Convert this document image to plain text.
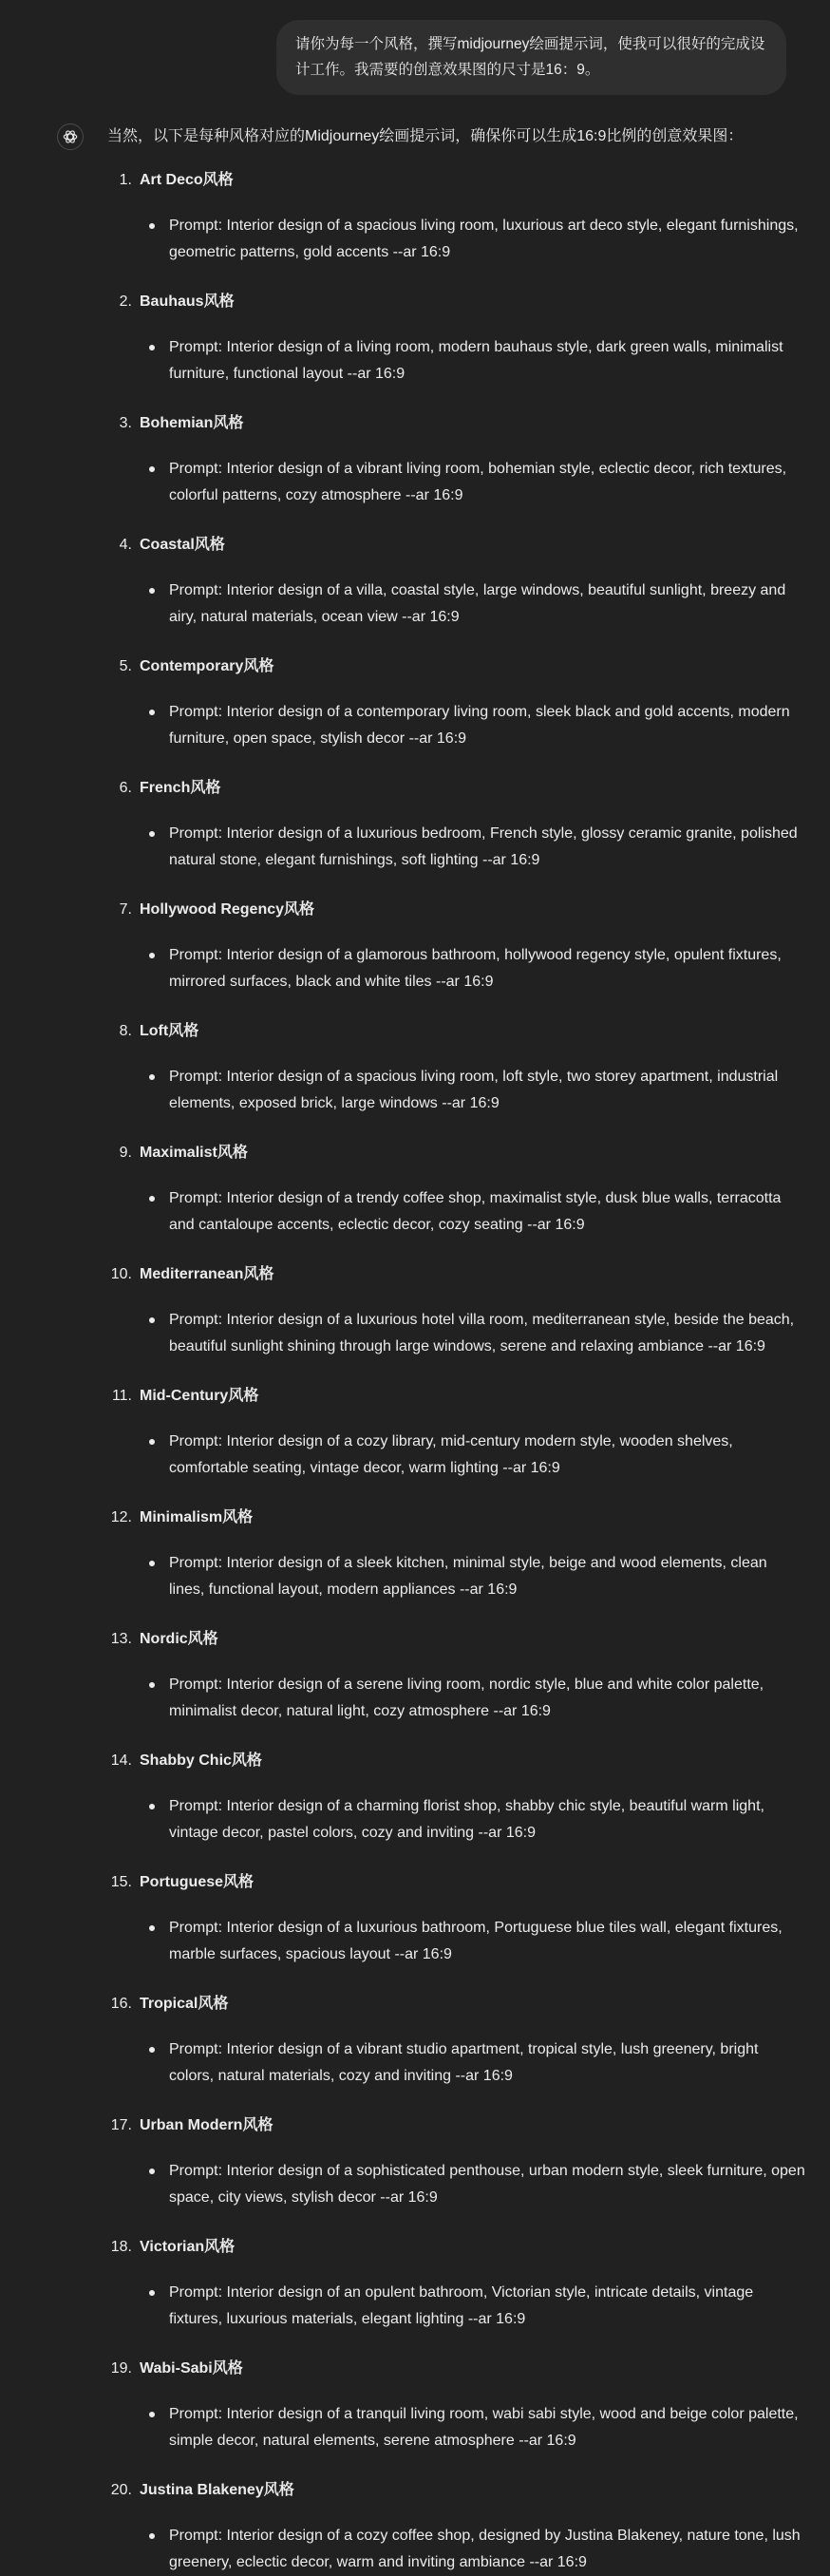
请你为每一个风格，撰写midjourney绘画提示词，使我可以很好的完成设计工作。我需要的创意效果图的尺寸是16：9。

当然，以下是每种风格对应的Midjourney绘画提示词，确保你可以生成16:9比例的创意效果图：

1. Art Deco风格
Prompt: Interior design of a spacious living room, luxurious art deco style, elegant furnishings, geometric patterns, gold accents --ar 16:9
2. Bauhaus风格
Prompt: Interior design of a living room, modern bauhaus style, dark green walls, minimalist furniture, functional layout --ar 16:9
3. Bohemian风格
Prompt: Interior design of a vibrant living room, bohemian style, eclectic decor, rich textures, colorful patterns, cozy atmosphere --ar 16:9
4. Coastal风格
Prompt: Interior design of a villa, coastal style, large windows, beautiful sunlight, breezy and airy, natural materials, ocean view --ar 16:9
5. Contemporary风格
Prompt: Interior design of a contemporary living room, sleek black and gold accents, modern furniture, open space, stylish decor --ar 16:9
6. French风格
Prompt: Interior design of a luxurious bedroom, French style, glossy ceramic granite, polished natural stone, elegant furnishings, soft lighting --ar 16:9
7. Hollywood Regency风格
Prompt: Interior design of a glamorous bathroom, hollywood regency style, opulent fixtures, mirrored surfaces, black and white tiles --ar 16:9
8. Loft风格
Prompt: Interior design of a spacious living room, loft style, two storey apartment, industrial elements, exposed brick, large windows --ar 16:9
9. Maximalist风格
Prompt: Interior design of a trendy coffee shop, maximalist style, dusk blue walls, terracotta and cantaloupe accents, eclectic decor, cozy seating --ar 16:9
10. Mediterranean风格
Prompt: Interior design of a luxurious hotel villa room, mediterranean style, beside the beach, beautiful sunlight shining through large windows, serene and relaxing ambiance --ar 16:9
11. Mid-Century风格
Prompt: Interior design of a cozy library, mid-century modern style, wooden shelves, comfortable seating, vintage decor, warm lighting --ar 16:9
12. Minimalism风格
Prompt: Interior design of a sleek kitchen, minimal style, beige and wood elements, clean lines, functional layout, modern appliances --ar 16:9
13. Nordic风格
Prompt: Interior design of a serene living room, nordic style, blue and white color palette, minimalist decor, natural light, cozy atmosphere --ar 16:9
14. Shabby Chic风格
Prompt: Interior design of a charming florist shop, shabby chic style, beautiful warm light, vintage decor, pastel colors, cozy and inviting --ar 16:9
15. Portuguese风格
Prompt: Interior design of a luxurious bathroom, Portuguese blue tiles wall, elegant fixtures, marble surfaces, spacious layout --ar 16:9
16. Tropical风格
Prompt: Interior design of a vibrant studio apartment, tropical style, lush greenery, bright colors, natural materials, cozy and inviting --ar 16:9
17. Urban Modern风格
Prompt: Interior design of a sophisticated penthouse, urban modern style, sleek furniture, open space, city views, stylish decor --ar 16:9
18. Victorian风格
Prompt: Interior design of an opulent bathroom, Victorian style, intricate details, vintage fixtures, luxurious materials, elegant lighting --ar 16:9
19. Wabi-Sabi风格
Prompt: Interior design of a tranquil living room, wabi sabi style, wood and beige color palette, simple decor, natural elements, serene atmosphere --ar 16:9
20. Justina Blakeney风格
Prompt: Interior design of a cozy coffee shop, designed by Justina Blakeney, nature tone, lush greenery, eclectic decor, warm and inviting ambiance --ar 16:9
